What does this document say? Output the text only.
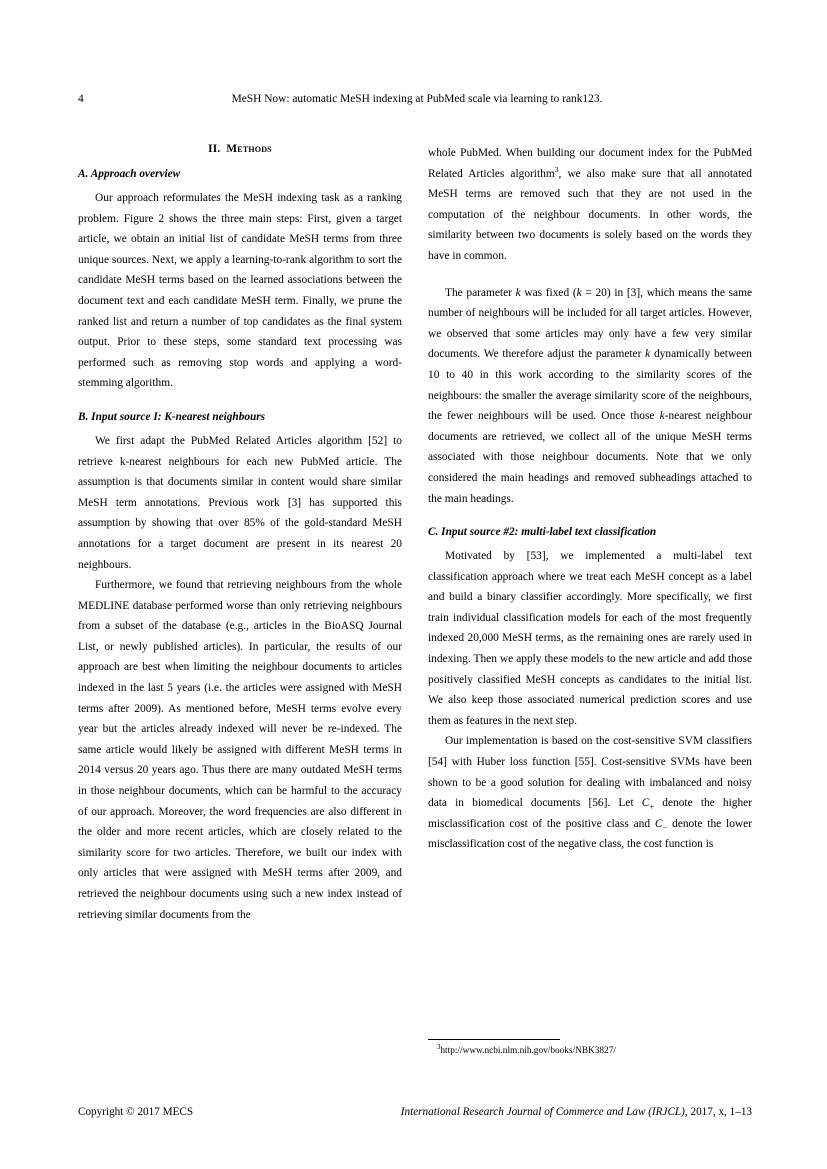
4	MeSH Now: automatic MeSH indexing at PubMed scale via learning to rank123.
II. Methods
A. Approach overview

Our approach reformulates the MeSH indexing task as a ranking problem. Figure 2 shows the three main steps: First, given a target article, we obtain an initial list of candidate MeSH terms from three unique sources. Next, we apply a learning-to-rank algorithm to sort the candidate MeSH terms based on the learned associations between the document text and each candidate MeSH term. Finally, we prune the ranked list and return a number of top candidates as the final system output. Prior to these steps, some standard text processing was performed such as removing stop words and applying a word-stemming algorithm.

B. Input source I: K-nearest neighbours

We first adapt the PubMed Related Articles algorithm [52] to retrieve k-nearest neighbours for each new PubMed article. The assumption is that documents similar in content would share similar MeSH term annotations. Previous work [3] has supported this assumption by showing that over 85% of the gold-standard MeSH annotations for a target document are present in its nearest 20 neighbours.

Furthermore, we found that retrieving neighbours from the whole MEDLINE database performed worse than only retrieving neighbours from a subset of the database (e.g., articles in the BioASQ Journal List, or newly published articles). In particular, the results of our approach are best when limiting the neighbour documents to articles indexed in the last 5 years (i.e. the articles were assigned with MeSH terms after 2009). As mentioned before, MeSH terms evolve every year but the articles already indexed will never be re-indexed. The same article would likely be assigned with different MeSH terms in 2014 versus 20 years ago. Thus there are many outdated MeSH terms in those neighbour documents, which can be harmful to the accuracy of our approach. Moreover, the word frequencies are also different in the older and more recent articles, which are closely related to the similarity score for two articles. Therefore, we built our index with only articles that were assigned with MeSH terms after 2009, and retrieved the neighbour documents using such a new index instead of retrieving similar documents from the

whole PubMed. When building our document index for the PubMed Related Articles algorithm$^3$, we also make sure that all annotated MeSH terms are removed such that they are not used in the computation of the neighbour documents. In other words, the similarity between two documents is solely based on the words they have in common.

The parameter k was fixed (k = 20) in [3], which means the same number of neighbours will be included for all target articles. However, we observed that some articles may only have a few very similar documents. We therefore adjust the parameter k dynamically between 10 to 40 in this work according to the similarity scores of the neighbours: the smaller the average similarity score of the neighbours, the fewer neighbours will be used. Once those k-nearest neighbour documents are retrieved, we collect all of the unique MeSH terms associated with those neighbour documents. Note that we only considered the main headings and removed subheadings attached to the main headings.

C. Input source #2: multi-label text classification

Motivated by [53], we implemented a multi-label text classification approach where we treat each MeSH concept as a label and build a binary classifier accordingly. More specifically, we first train individual classification models for each of the most frequently indexed 20,000 MeSH terms, as the remaining ones are rarely used in indexing. Then we apply these models to the new article and add those positively classified MeSH concepts as candidates to the initial list. We also keep those associated numerical prediction scores and use them as features in the next step.

Our implementation is based on the cost-sensitive SVM classifiers [54] with Huber loss function [55]. Cost-sensitive SVMs have been shown to be a good solution for dealing with imbalanced and noisy data in biomedical documents [56]. Let $C_+$ denote the higher misclassification cost of the positive class and $C_-$ denote the lower misclassification cost of the negative class, the cost function is

$^3$http://www.ncbi.nlm.nih.gov/books/NBK3827/

Copyright © 2017 MECS	International Research Journal of Commerce and Law (IRJCL), 2017, x, 1–13
